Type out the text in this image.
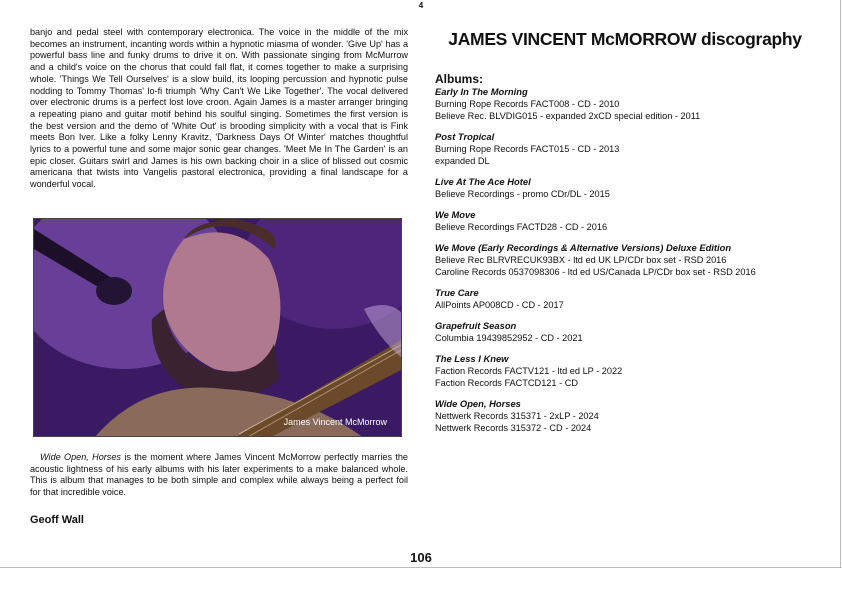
4

banjo and pedal steel with contemporary electronica. The voice in the middle of the mix becomes an instrument, incanting words within a hypnotic miasma of wonder. 'Give Up' has a powerful bass line and funky drums to drive it on. With passionate singing from McMurrow and a child's voice on the chorus that could fall flat, it comes together to make a surprising whole. 'Things We Tell Ourselves' is a slow build, its looping percussion and hypnotic pulse nodding to Tommy Thomas' lo-fi triumph 'Why Can't We Like Together'. The vocal delivered over electronic drums is a perfect lost love croon. Again James is a master arranger bringing a repeating piano and guitar motif behind his soulful singing. Sometimes the first version is the best version and the demo of 'White Out' is brooding simplicity with a vocal that is Fink meets Bon Iver. Like a folky Lenny Kravitz, 'Darkness Days Of Winter' matches thoughtful lyrics to a powerful tune and some major sonic gear changes. 'Meet Me In The Garden' is an epic closer. Guitars swirl and James is his own backing choir in a slice of blissed out cosmic americana that twists into Vangelis pastoral electronica, providing a final landscape for a wonderful vocal.

James Vincent McMorrow

Wide Open, Horses is the moment where James Vincent McMorrow perfectly marries the acoustic lightness of his early albums with his later experiments to a make balanced whole. This is album that manages to be both simple and complex while always being a perfect foil for that incredible voice.

Geoff Wall
JAMES VINCENT McMORROW discography

Albums:

Early In The Morning
Burning Rope Records FACT008 - CD - 2010
Believe Rec. BLVDIG015 - expanded 2xCD special edition - 2011
Post Tropical
Burning Rope Records FACT015 - CD - 2013
expanded DL
Live At The Ace Hotel
Believe Recordings - promo CDr/DL - 2015
We Move
Believe Recordings FACTD28 - CD - 2016
We Move (Early Recordings & Alternative Versions) Deluxe Edition
Believe Rec BLRVRECUK93BX - ltd ed UK LP/CDr box set - RSD 2016
Caroline Records 0537098306 - ltd ed US/Canada LP/CDr box set - RSD 2016
True Care
AllPoints AP008CD - CD - 2017
Grapefruit Season
Columbia 19439852952 - CD - 2021
The Less I Knew
Faction Records FACTV121 - ltd ed LP - 2022
Faction Records FACTCD121 - CD
Wide Open, Horses
Nettwerk Records 315371 - 2xLP - 2024
Nettwerk Records 315372 - CD - 2024
106
